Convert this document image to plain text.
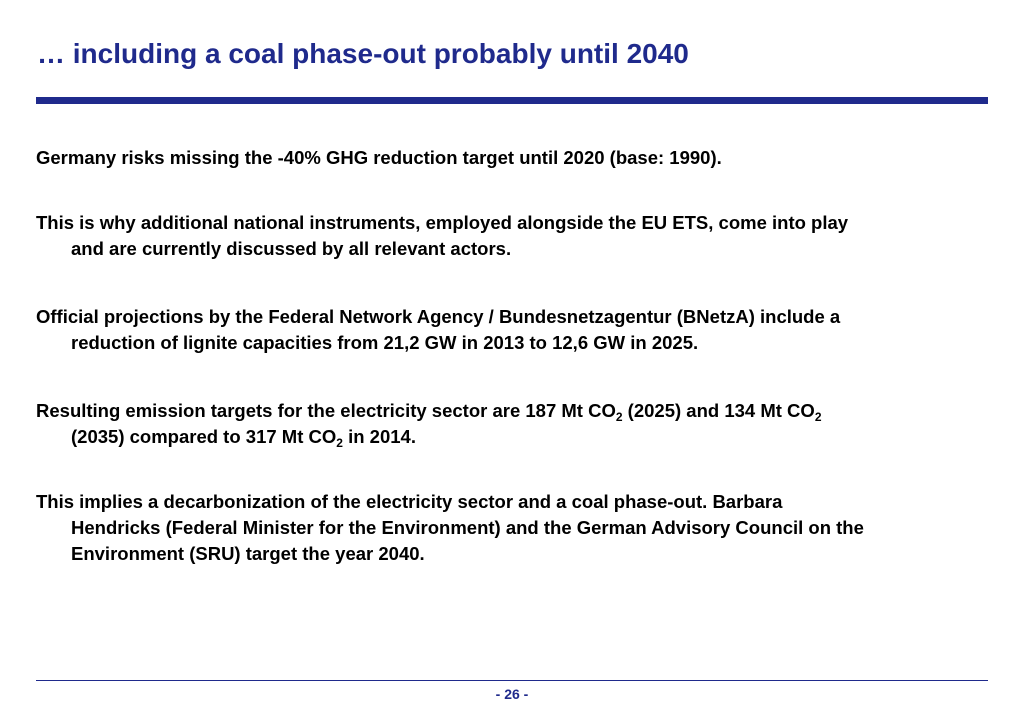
… including a coal phase-out probably until 2040
Germany risks missing the -40% GHG reduction target until 2020 (base: 1990).
This is why additional national instruments, employed alongside the EU ETS, come into play
and are currently discussed by all relevant actors.
Official projections by the Federal Network Agency / Bundesnetzagentur (BNetzA) include a
reduction of lignite capacities from 21,2 GW in 2013 to 12,6 GW in 2025.
Resulting emission targets for the electricity sector are 187 Mt $CO_2$ (2025) and 134 Mt $CO_2$
(2035) compared to 317 Mt $CO_2$ in 2014.
This implies a decarbonization of the electricity sector and a coal phase-out. Barbara
Hendricks (Federal Minister for the Environment) and the German Advisory Council on the
Environment (SRU) target the year 2040.
- 26 -
